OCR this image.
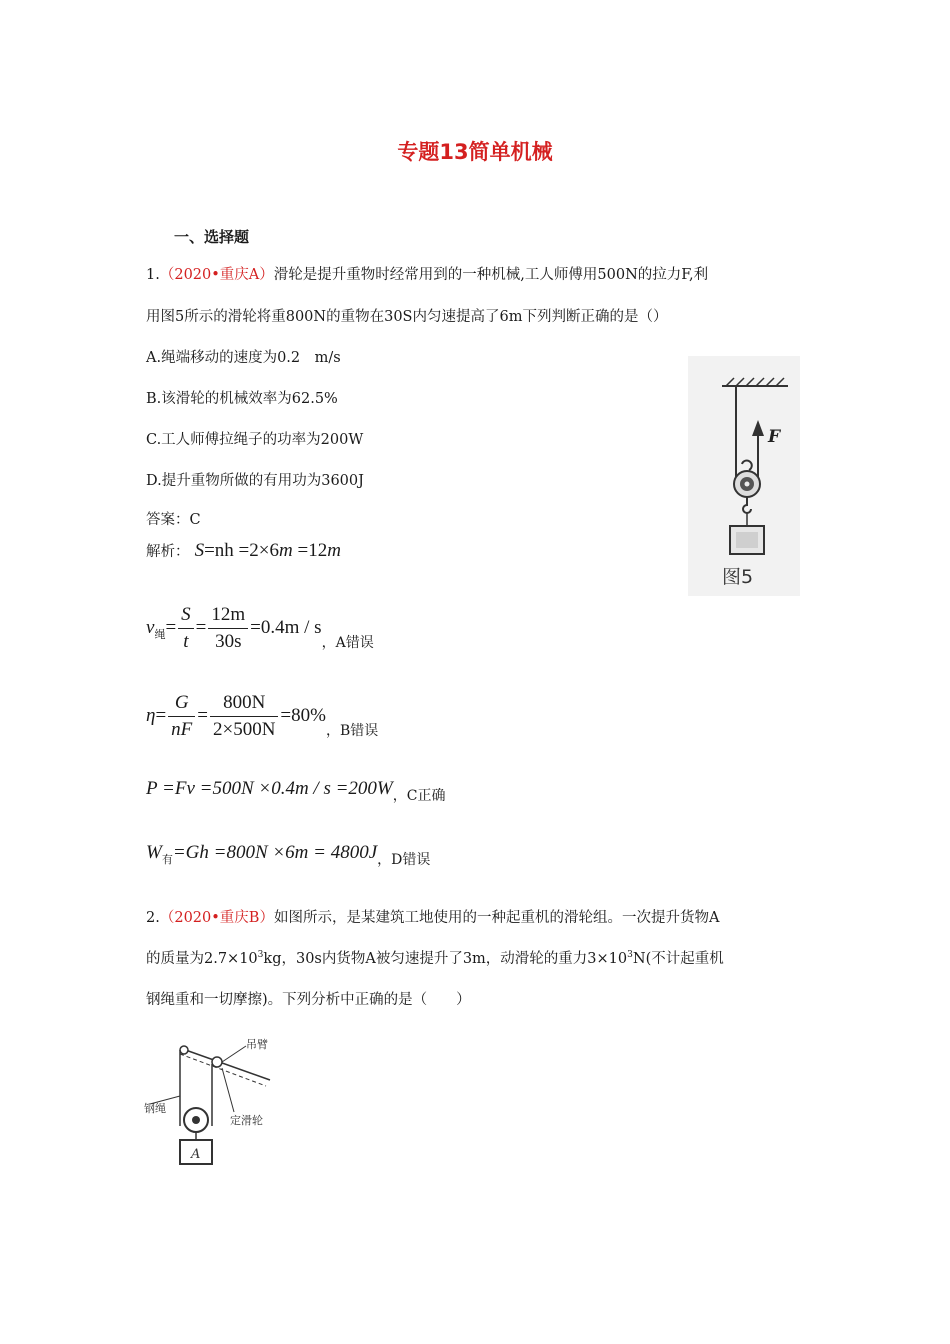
专题13简单机械
一、选择题
1.（2020•重庆A）滑轮是提升重物时经常用到的一种机械,工人师傅用500N的拉力F,利
用图5所示的滑轮将重800N的重物在30S内匀速提高了6m下列判断正确的是（）
A.绳端移动的速度为0.2　m/s
B.该滑轮的机械效率为62.5%
C.工人师傅拉绳子的功率为200W
D.提升重物所做的有用功为3600J
答案：C
解析： S=nh =2×6m =12m
$v_绳= \frac{S}{t} = \frac{12m}{30s} =0.4m / s$，A错误
$\eta= \frac{G}{nF} = \frac{800N}{2\times 500N} =80\%$，B错误
P =Fv =500N ×0.4m / s =200W，C正确
$W_有=Gh =800N \times 6m = 4800J$，D错误
F
图5
2.（2020•重庆B）如图所示，是某建筑工地使用的一种起重机的滑轮组。一次提升货物A
的质量为$2.7\times 10^3kg$，30s内货物A被匀速提升了3m，动滑轮的重力$3\times 10^3N$(不计起重机
钢绳重和一切摩擦)。下列分析中正确的是（　　）
吊臂
钢绳
定滑轮
A
